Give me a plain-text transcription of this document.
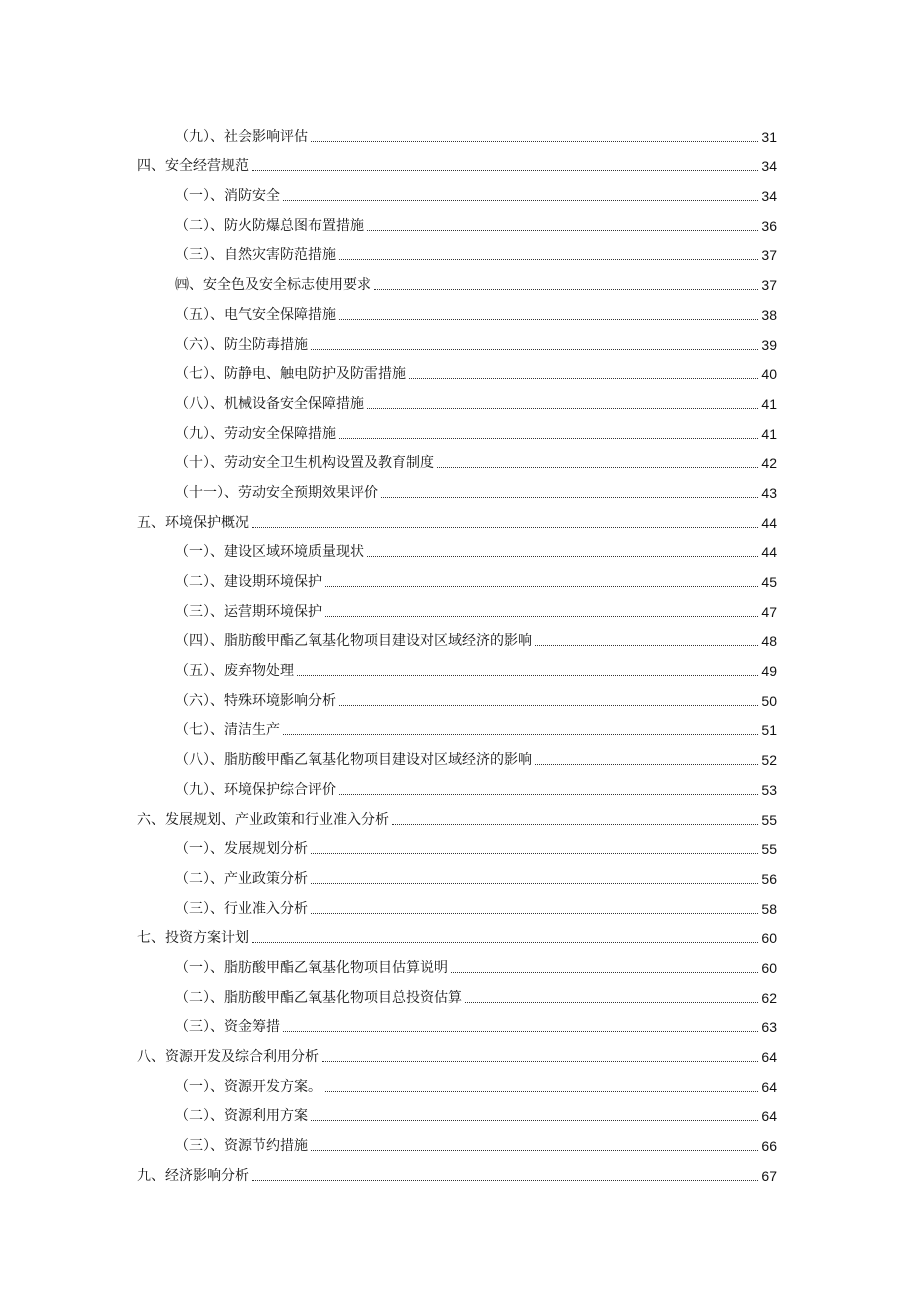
（九）、社会影响评估	31
四、安全经营规范	34
（一）、消防安全	34
（二）、防火防爆总图布置措施	36
（三）、自然灾害防范措施	37
㈣、安全色及安全标志使用要求	37
（五）、电气安全保障措施	38
（六）、防尘防毒措施	39
（七）、防静电、触电防护及防雷措施	40
（八）、机械设备安全保障措施	41
（九）、劳动安全保障措施	41
（十）、劳动安全卫生机构设置及教育制度	42
（十一）、劳动安全预期效果评价	43
五、环境保护概况	44
（一）、建设区域环境质量现状	44
（二）、建设期环境保护	45
（三）、运营期环境保护	47
（四）、脂肪酸甲酯乙氧基化物项目建设对区域经济的影响	48
（五）、废弃物处理	49
（六）、特殊环境影响分析	50
（七）、清洁生产	51
（八）、脂肪酸甲酯乙氧基化物项目建设对区域经济的影响	52
（九）、环境保护综合评价	53
六、发展规划、产业政策和行业准入分析	55
（一）、发展规划分析	55
（二）、产业政策分析	56
（三）、行业准入分析	58
七、投资方案计划	60
（一）、脂肪酸甲酯乙氧基化物项目估算说明	60
（二）、脂肪酸甲酯乙氧基化物项目总投资估算	62
（三）、资金筹措	63
八、资源开发及综合利用分析	64
（一）、资源开发方案。	64
（二）、资源利用方案	64
（三）、资源节约措施	66
九、经济影响分析	67
